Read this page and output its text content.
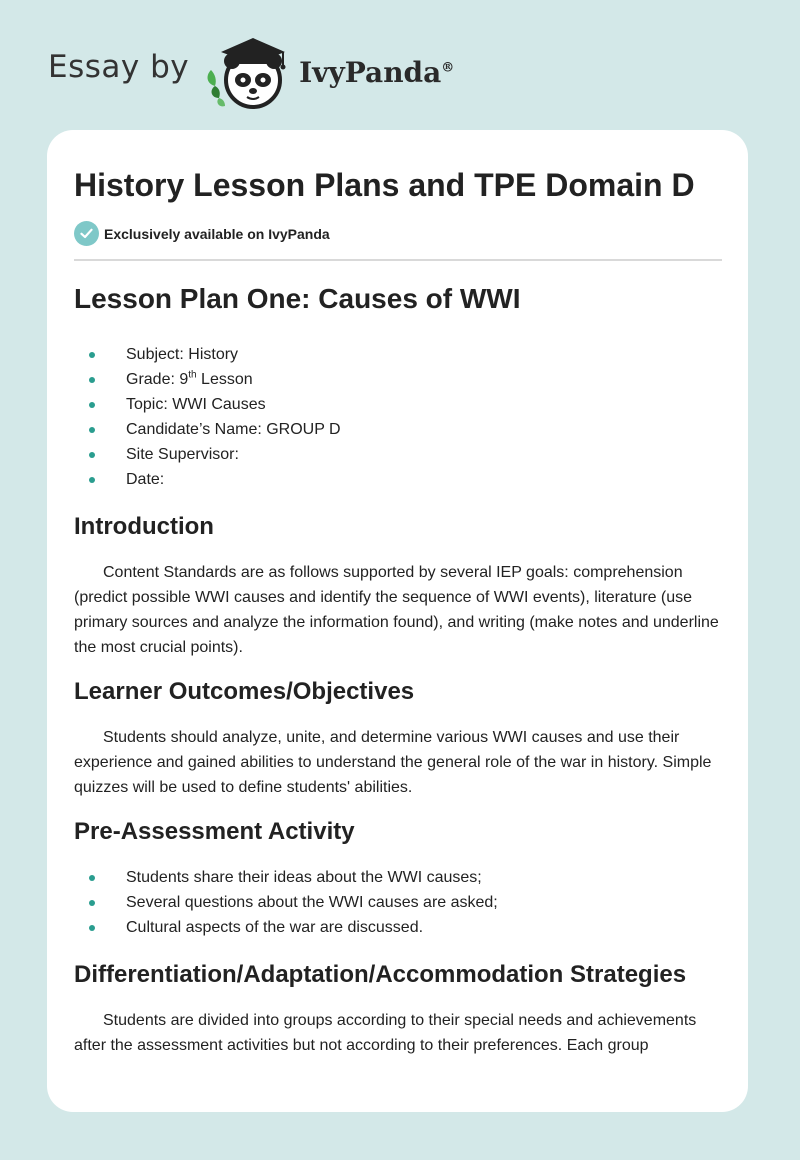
Essay by	IvyPanda®
History Lesson Plans and TPE Domain D
Exclusively available on IvyPanda
Lesson Plan One: Causes of WWI
Subject: History
Grade: 9th Lesson
Topic: WWI Causes
Candidate’s Name: GROUP D
Site Supervisor:
Date:
Introduction

Content Standards are as follows supported by several IEP goals: comprehension (predict possible WWI causes and identify the sequence of WWI events), literature (use primary sources and analyze the information found), and writing (make notes and underline the most crucial points).

Learner Outcomes/Objectives

Students should analyze, unite, and determine various WWI causes and use their experience and gained abilities to understand the general role of the war in history. Simple quizzes will be used to define students' abilities.

Pre-Assessment Activity
Students share their ideas about the WWI causes;
Several questions about the WWI causes are asked;
Cultural aspects of the war are discussed.
Differentiation/Adaptation/Accommodation Strategies

Students are divided into groups according to their special needs and achievements after the assessment activities but not according to their preferences. Each group
